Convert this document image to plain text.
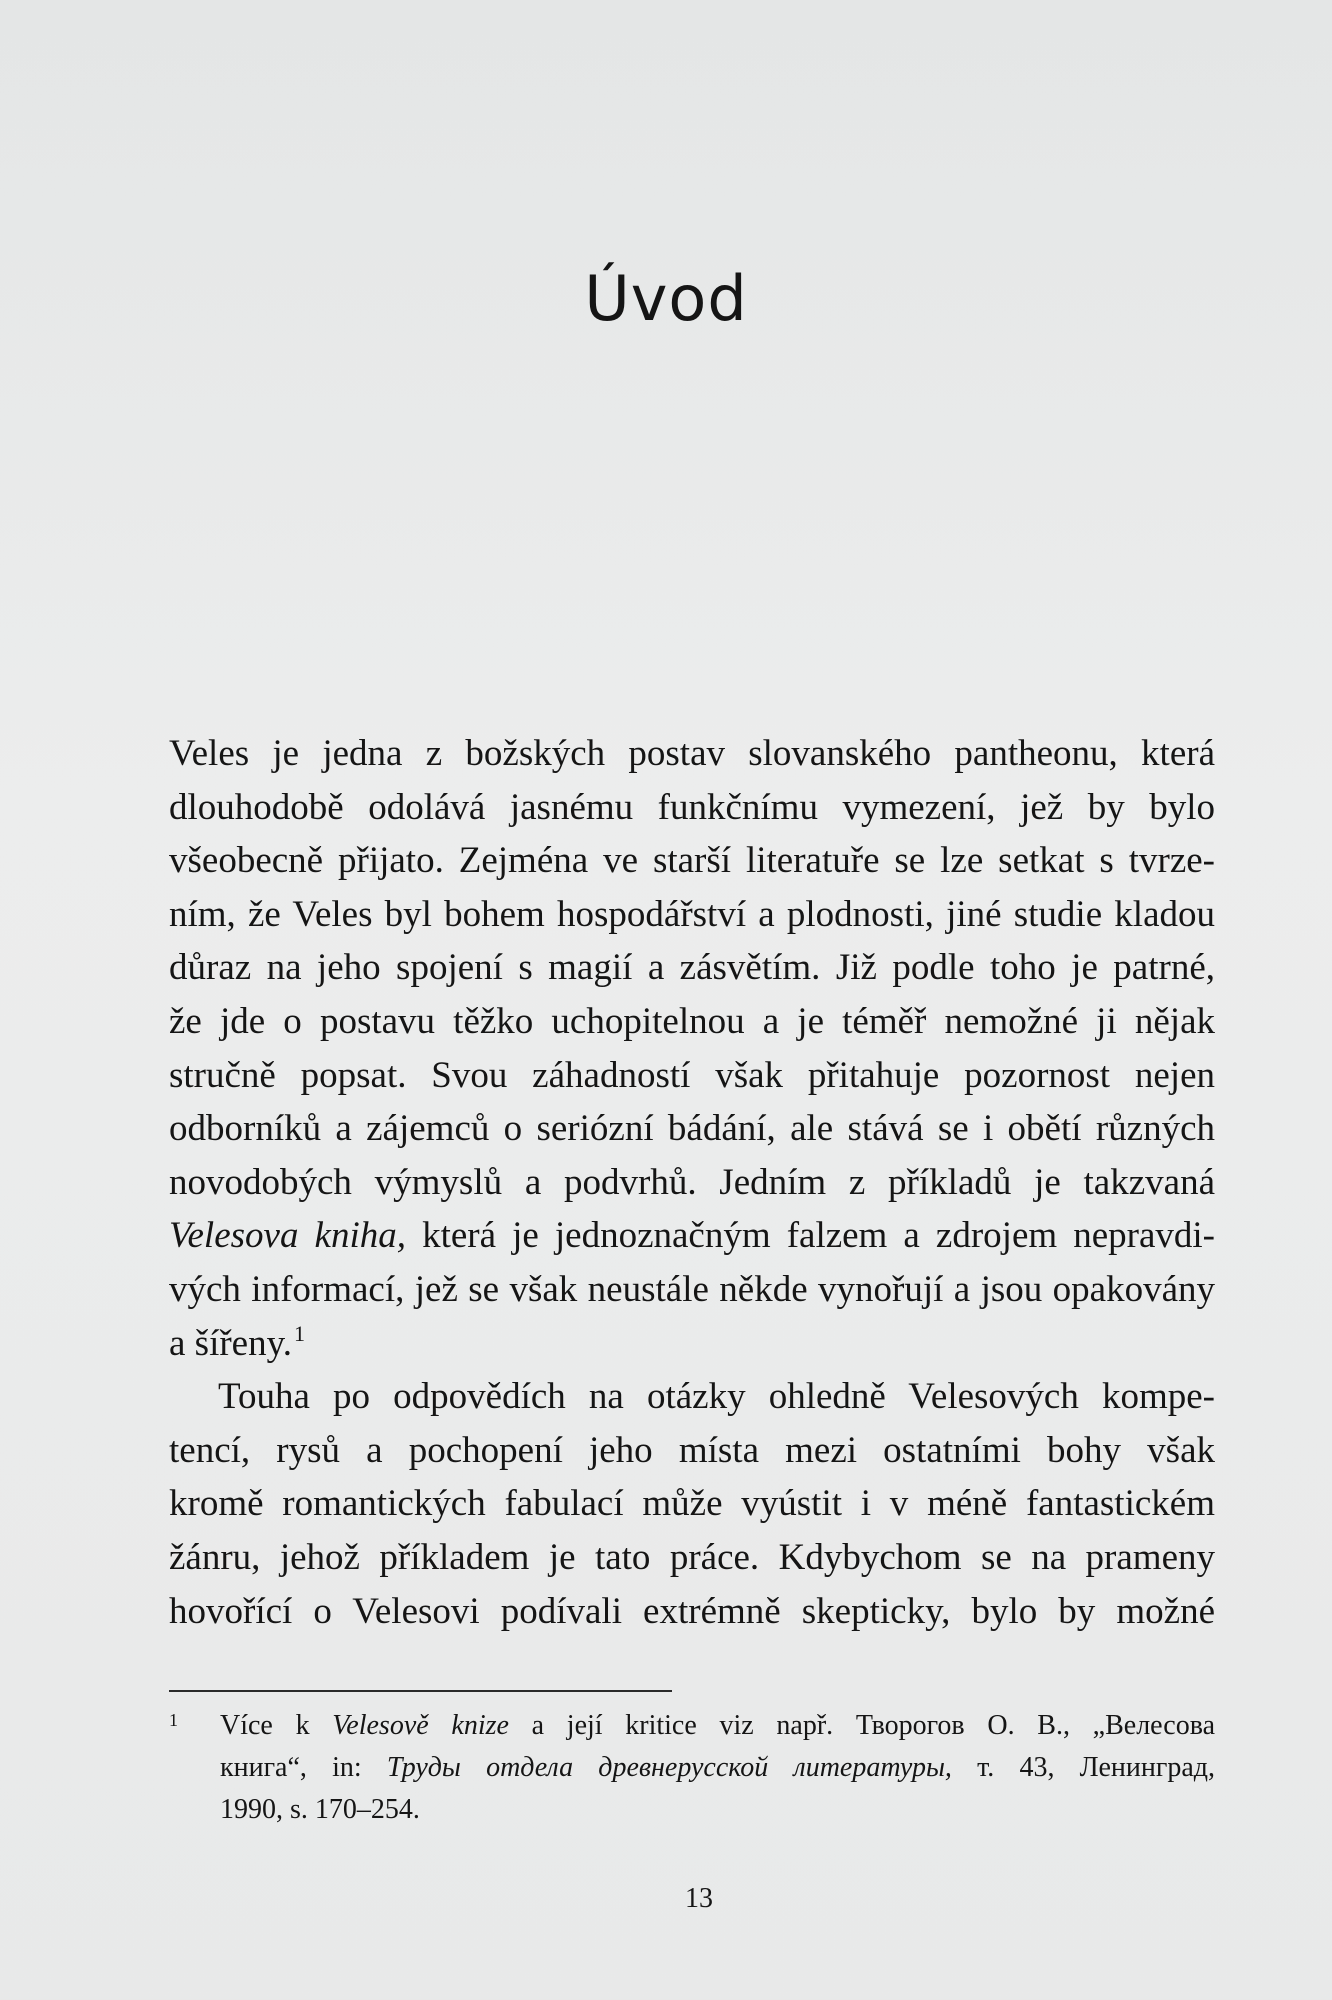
Úvod
Veles je jedna z božských postav slovanského pantheonu, která
dlouhodobě odolává jasnému funkčnímu vymezení, jež by bylo
všeobecně přijato. Zejména ve starší literatuře se lze setkat s tvrze-
ním, že Veles byl bohem hospodářství a plodnosti, jiné studie kladou
důraz na jeho spojení s magií a zásvětím. Již podle toho je patrné,
že jde o postavu těžko uchopitelnou a je téměř nemožné ji nějak
stručně popsat. Svou záhadností však přitahuje pozornost nejen
odborníků a zájemců o seriózní bádání, ale stává se i obětí různých
novodobých výmyslů a podvrhů. Jedním z příkladů je takzvaná
Velesova kniha, která je jednoznačným falzem a zdrojem nepravdi-
vých informací, jež se však neustále někde vynořují a jsou opakovány
a šířeny.$^1$
Touha po odpovědích na otázky ohledně Velesových kompe-
tencí, rysů a pochopení jeho místa mezi ostatními bohy však
kromě romantických fabulací může vyústit i v méně fantastickém
žánru, jehož příkladem je tato práce. Kdybychom se na prameny
hovořící o Velesovi podívali extrémně skepticky, bylo by možné
1 Více k Velesově knize a její kritice viz např. Творогов О. В., „Велесова
книга“, in: Труды отдела древнерусской литературы, т. 43, Ленинград,
1990, s. 170–254.
13
